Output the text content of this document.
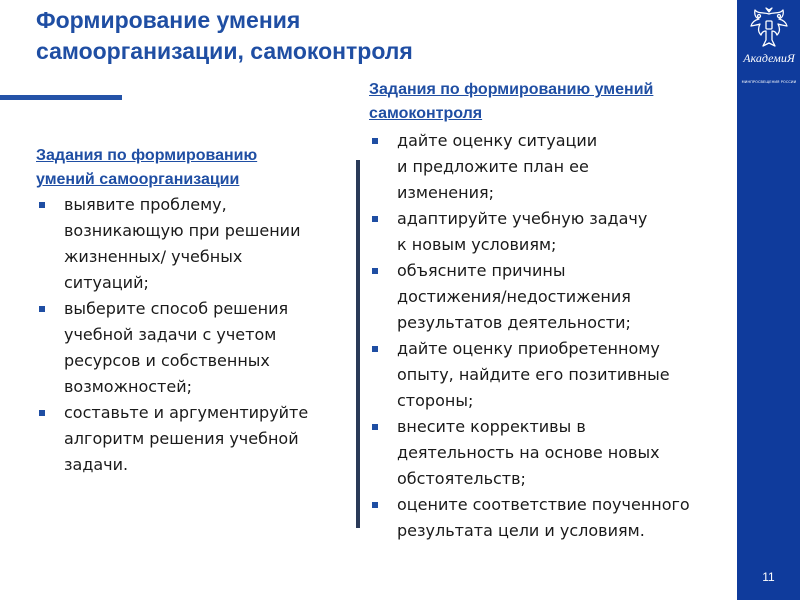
Формирование умения
самоорганизации, самоконтроля	АкадемиЯ
МИНПРОСВЕЩЕНИЯ РОССИИ
11
Задания по формированию
умений самоорганизации
выявите проблему,
возникающую при решении
жизненных/ учебных
ситуаций;
выберите способ решения
учебной задачи с учетом
ресурсов и собственных
возможностей;
составьте и аргументируйте
алгоритм решения учебной
задачи.
Задания по формированию умений
самоконтроля
дайте оценку ситуации
и предложите план ее
изменения;
адаптируйте учебную задачу
к новым условиям;
объясните причины
достижения/недостижения
результатов деятельности;
дайте оценку приобретенному
опыту, найдите его позитивные
стороны;
внесите коррективы в
деятельность на основе новых
обстоятельств;
оцените соответствие поученного
результата цели и условиям.
